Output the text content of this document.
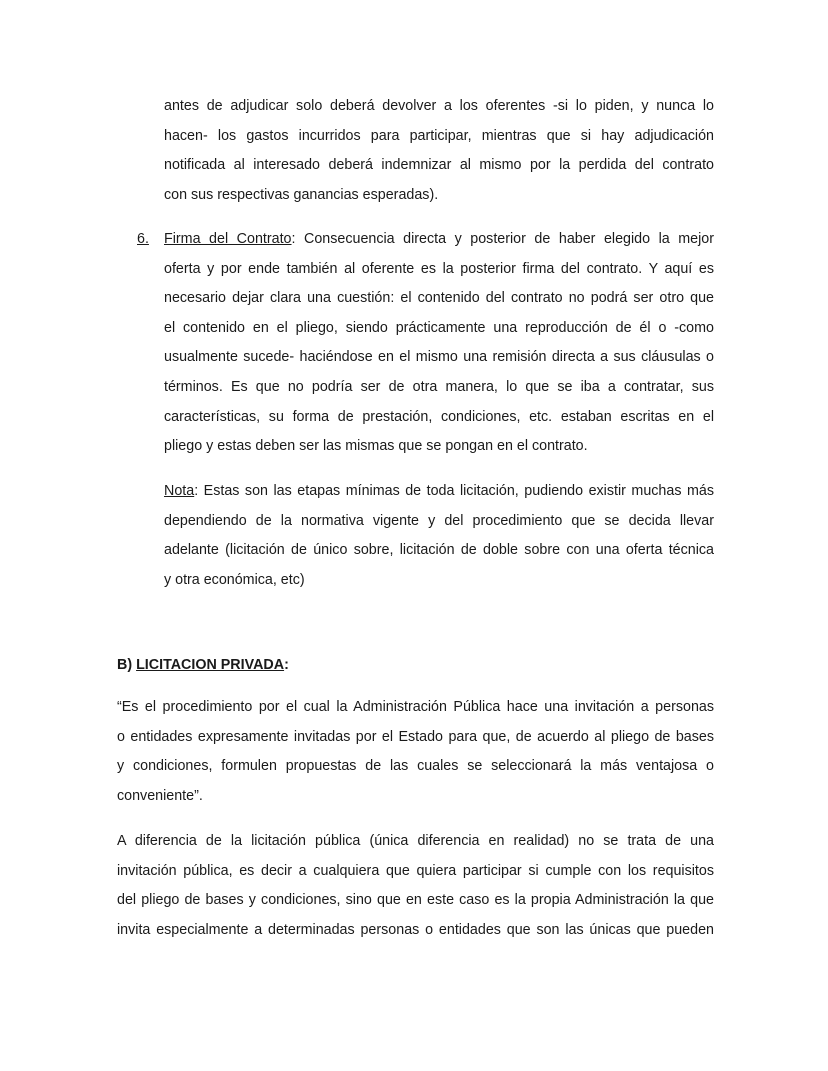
antes de adjudicar solo deberá devolver a los oferentes -si lo piden, y nunca lo
hacen- los gastos incurridos para participar, mientras que si hay adjudicación
notificada al interesado deberá indemnizar al mismo por la perdida del contrato
con sus respectivas ganancias esperadas).
6.	Firma del Contrato: Consecuencia directa y posterior de haber elegido la mejor
oferta y por ende también al oferente es la posterior firma del contrato. Y aquí es
necesario dejar clara una cuestión: el contenido del contrato no podrá ser otro que
el contenido en el pliego, siendo prácticamente una reproducción de él o -como
usualmente sucede- haciéndose en el mismo una remisión directa a sus cláusulas o
términos. Es que no podría ser de otra manera, lo que se iba a contratar, sus
características, su forma de prestación, condiciones, etc. estaban escritas en el
pliego y estas deben ser las mismas que se pongan en el contrato.
Nota: Estas son las etapas mínimas de toda licitación, pudiendo existir muchas más
dependiendo de la normativa vigente y del procedimiento que se decida llevar
adelante (licitación de único sobre, licitación de doble sobre con una oferta técnica
y otra económica, etc)
B) LICITACION PRIVADA:
“Es el procedimiento por el cual la Administración Pública hace una invitación a personas
o entidades expresamente invitadas por el Estado para que, de acuerdo al pliego de bases
y condiciones, formulen propuestas de las cuales se seleccionará la más ventajosa o
conveniente”.
A diferencia de la licitación pública (única diferencia en realidad) no se trata de una
invitación pública, es decir a cualquiera que quiera participar si cumple con los requisitos
del pliego de bases y condiciones, sino que en este caso es la propia Administración la que
invita especialmente a determinadas personas o entidades que son las únicas que pueden
